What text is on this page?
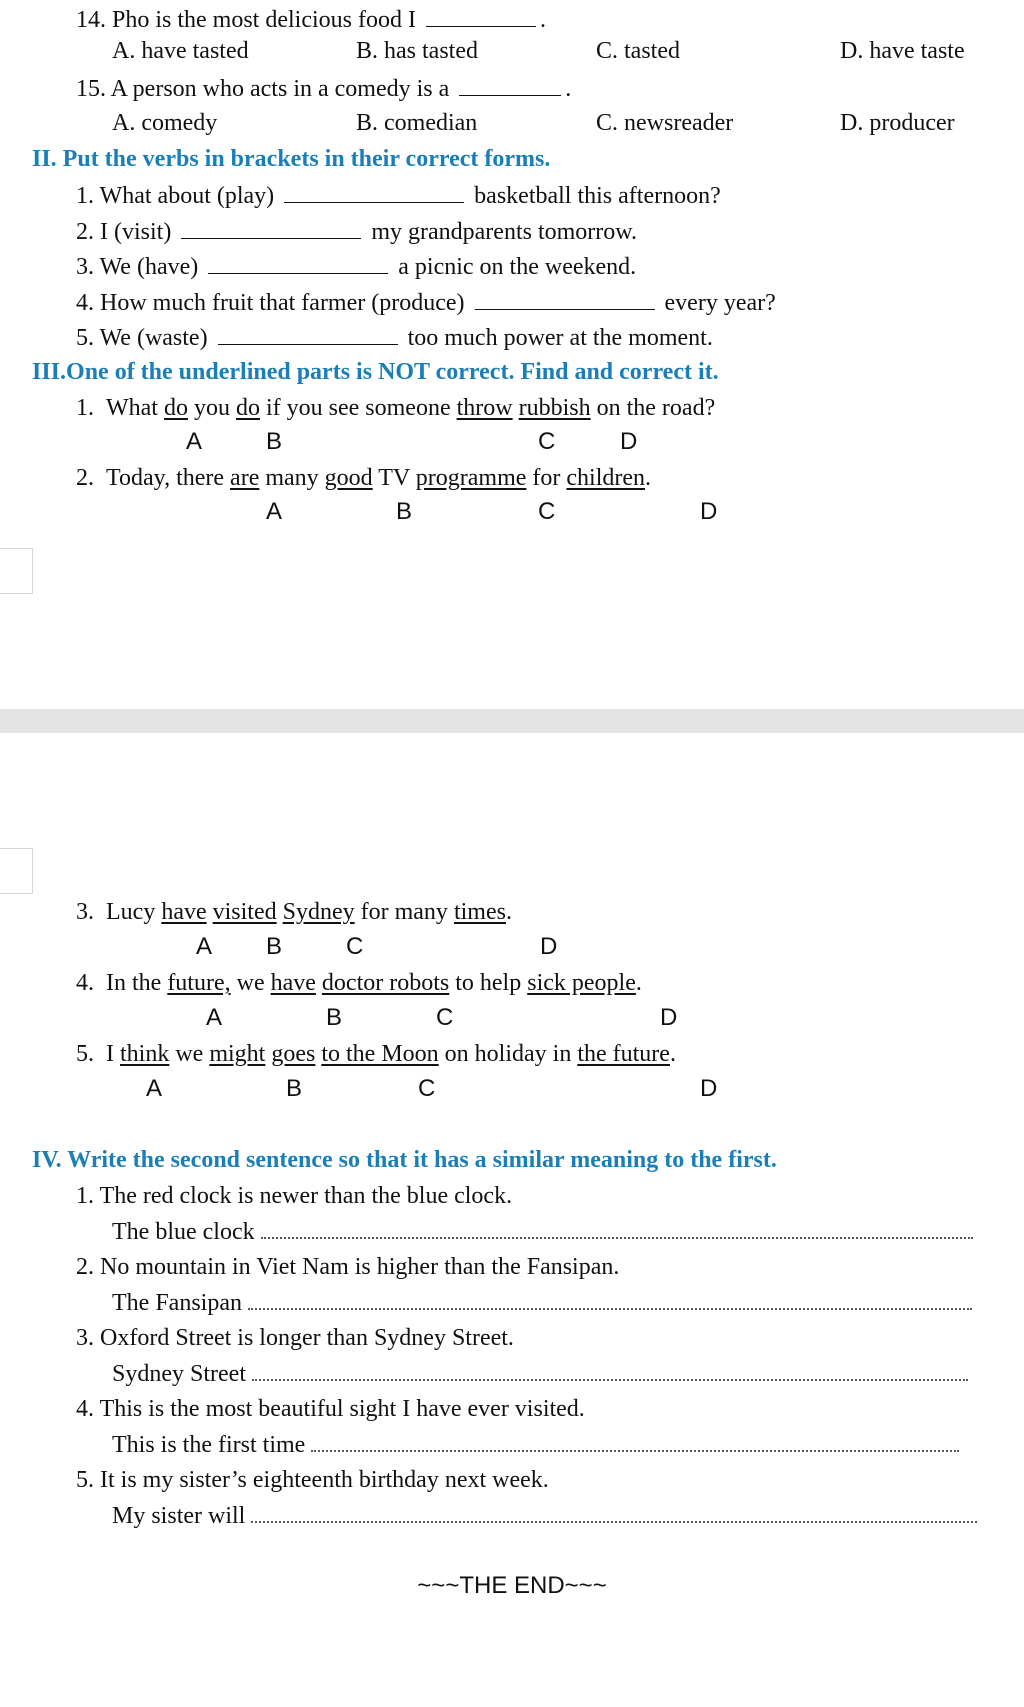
14. Pho is the most delicious food I	.
A. have tasted	B. has tasted	C. tasted	D. have taste
15. A person who acts in a comedy is a	.
A. comedy	B. comedian	C. newsreader	D. producer
II. Put the verbs in brackets in their correct forms.
1. What about (play)	basketball this afternoon?
2. I (visit)	my grandparents tomorrow.
3. We (have)	a picnic on the weekend.
4. How much fruit that farmer (produce)	every year?
5. We (waste)	too much power at the moment.
III.One of the underlined parts is NOT correct. Find and correct it.
1. What do you do if you see someone throw rubbish on the road?
A	B	C	D
2. Today, there are many good TV programme for children.
A	B	C	D
3. Lucy have visited Sydney for many times.
A B	C	D
4. In the future, we have doctor robots to help sick people.
A	B	C	D
5. I think we might goes to the Moon on holiday in the future.
A	B	C	D
IV. Write the second sentence so that it has a similar meaning to the first.
1. The red clock is newer than the blue clock.
The blue clock
2. No mountain in Viet Nam is higher than the Fansipan.
The Fansipan
3. Oxford Street is longer than Sydney Street.
Sydney Street
4. This is the most beautiful sight I have ever visited.
This is the first time
5. It is my sister’s eighteenth birthday next week.
My sister will
~~~THE END~~~
